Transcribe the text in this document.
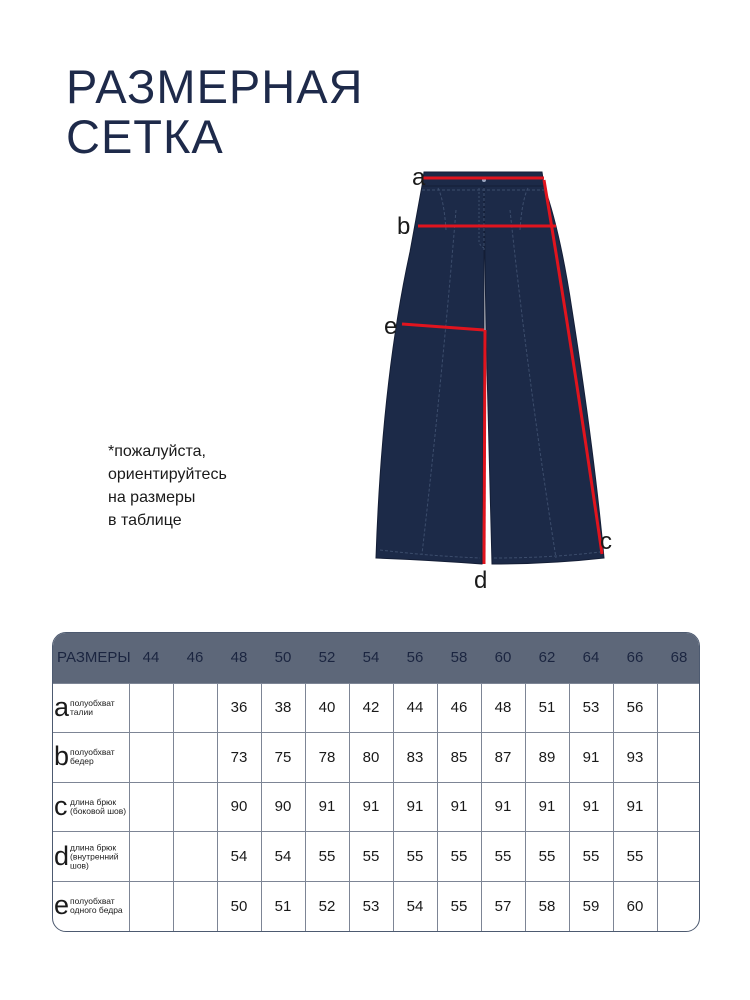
РАЗМЕРНАЯ
СЕТКА
*пожалуйста,
ориентируйтесь
на размеры
в таблице
a
b
e
c
d
РАЗМЕРЫ	44	46	48	50	52	54	56	58	60	62	64	66	68

a полуобхват талии			36	38	40	42	44	46	48	51	53	56	

b полуобхват бедер			73	75	78	80	83	85	87	89	91	93	

c длина брюк (боковой шов)			90	90	91	91	91	91	91	91	91	91	

d длина брюк (внутренний шов)			54	54	55	55	55	55	55	55	55	55	

e полуобхват одного бедра			50	51	52	53	54	55	57	58	59	60	
